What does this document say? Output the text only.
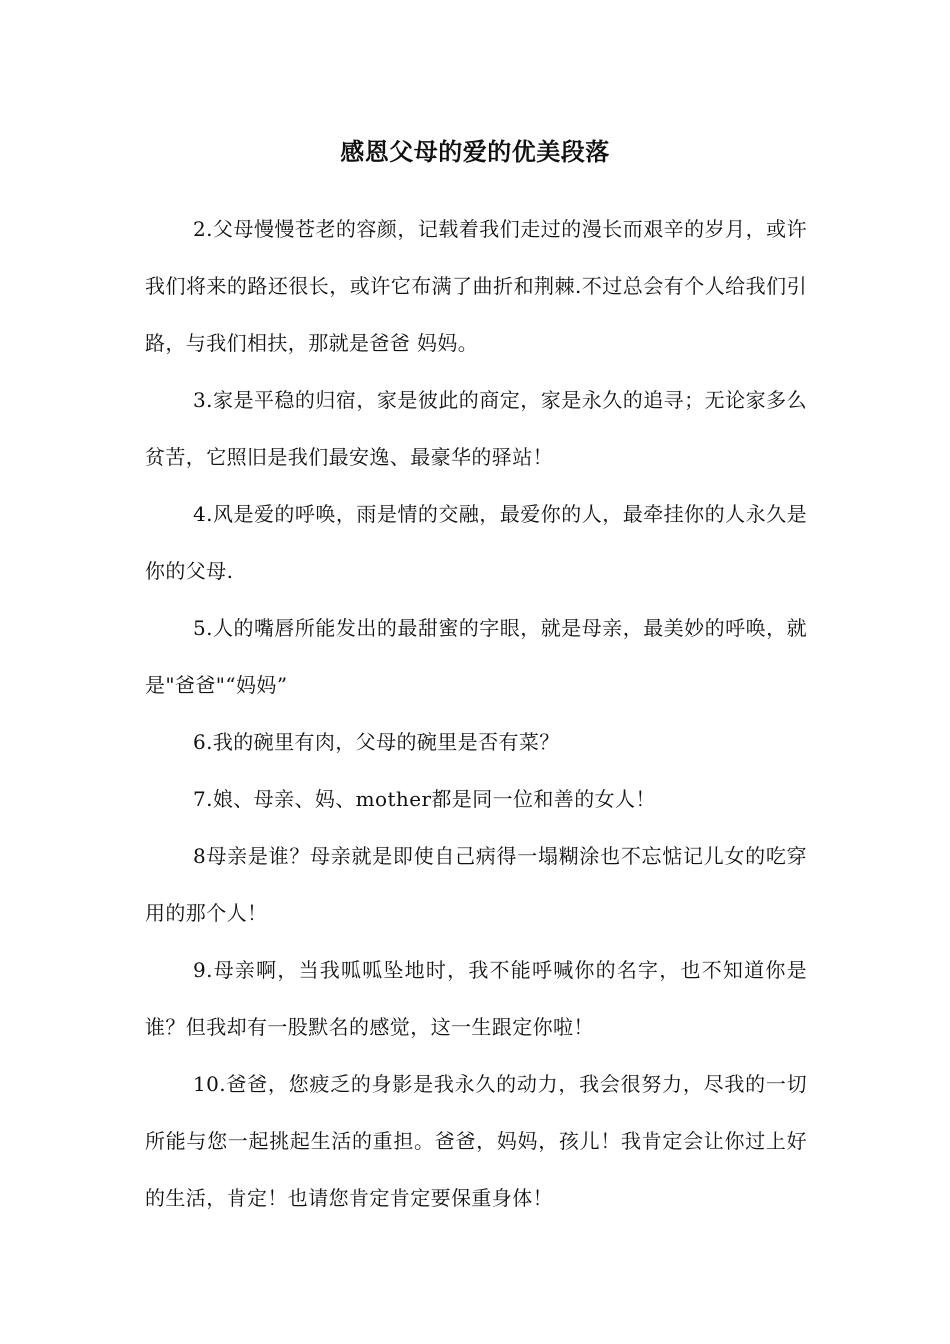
感恩父母的爱的优美段落

2.父母慢慢苍老的容颜，记载着我们走过的漫长而艰辛的岁月，或许我们将来的路还很长，或许它布满了曲折和荆棘.不过总会有个人给我们引路，与我们相扶，那就是爸爸 妈妈。

3.家是平稳的归宿，家是彼此的商定，家是永久的追寻；无论家多么贫苦，它照旧是我们最安逸、最豪华的驿站！

4.风是爱的呼唤，雨是情的交融，最爱你的人，最牵挂你的人永久是你的父母.

5.人的嘴唇所能发出的最甜蜜的字眼，就是母亲，最美妙的呼唤，就是"爸爸"“妈妈”

6.我的碗里有肉，父母的碗里是否有菜？

7.娘、母亲、妈、mother都是同一位和善的女人！

8母亲是谁？母亲就是即使自己病得一塌糊涂也不忘惦记儿女的吃穿用的那个人！

9.母亲啊，当我呱呱坠地时，我不能呼喊你的名字，也不知道你是谁？但我却有一股默名的感觉，这一生跟定你啦！

10.爸爸，您疲乏的身影是我永久的动力，我会很努力，尽我的一切所能与您一起挑起生活的重担。爸爸，妈妈，孩儿！我肯定会让你过上好的生活，肯定！也请您肯定肯定要保重身体！
